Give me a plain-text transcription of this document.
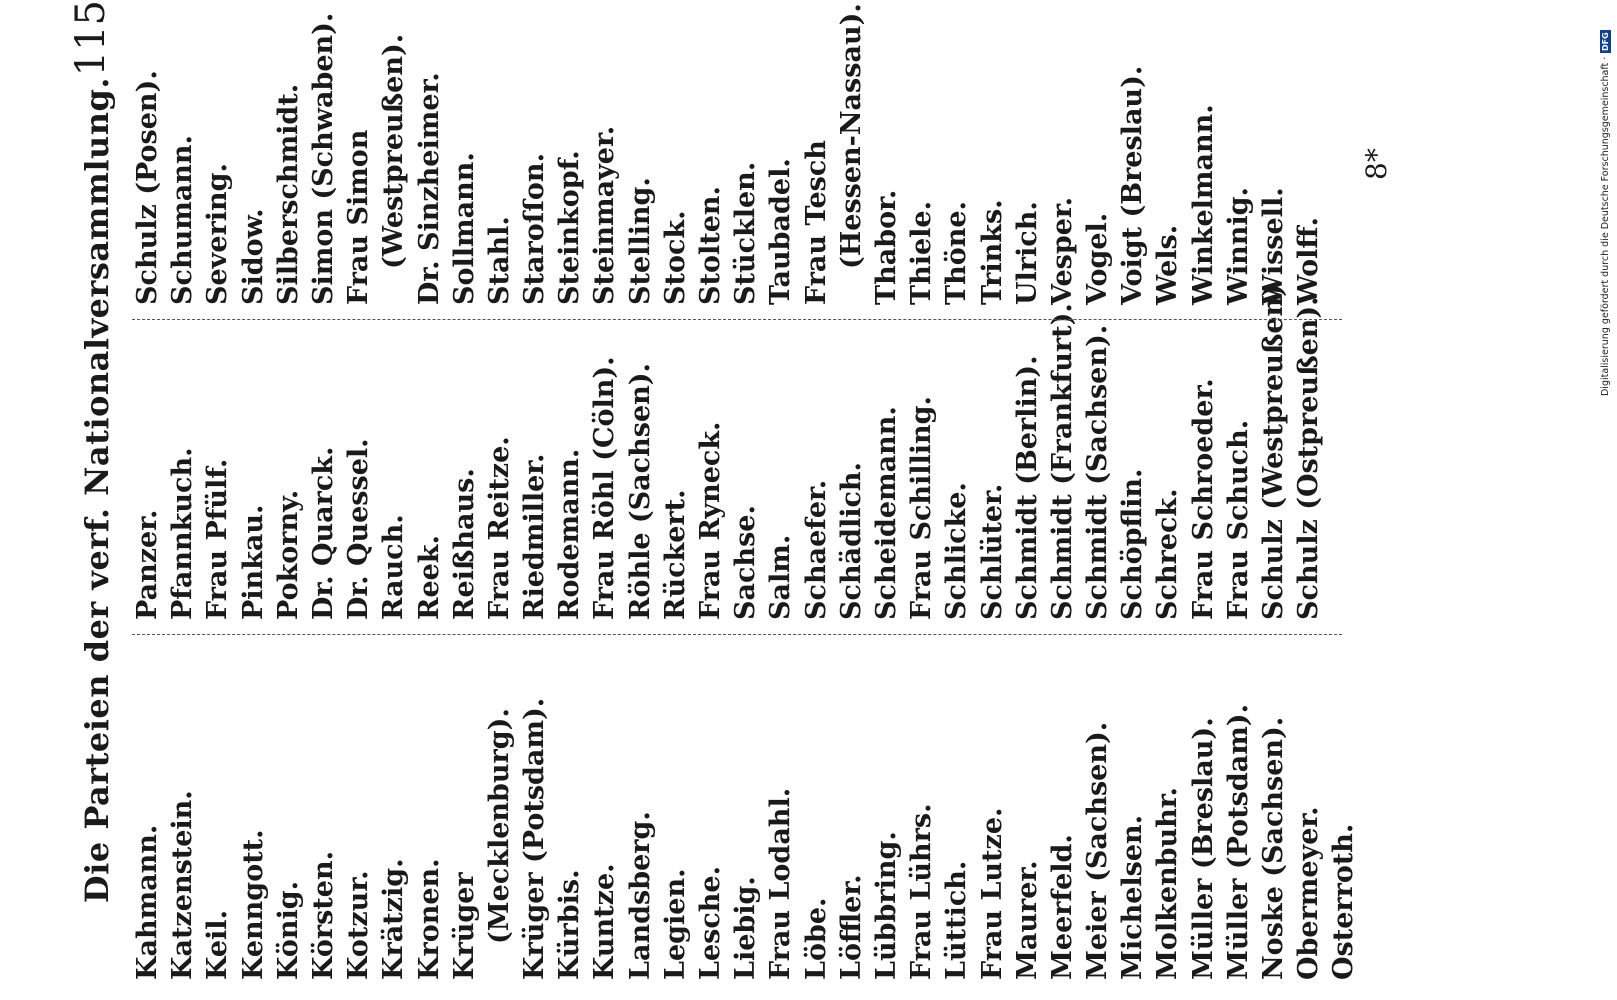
Die Parteien der verf. Nationalversammlung.
115
Kahmann. Katzenstein. Keil. Kenngott. König. Körsten. Kotzur. Krätzig. Kronen. Krüger (Mecklenburg). Krüger (Potsdam). Kürbis. Kuntze. Landsberg. Legien. Lesche. Liebig. Frau Lodahl. Löbe. Löffler. Lübbring. Frau Lührs. Lüttich. Frau Lutze. Maurer. Meerfeld. Meier (Sachsen). Michelsen. Molkenbuhr. Müller (Breslau). Müller (Potsdam). Noske (Sachsen). Obermeyer. Osterroth.
Panzer. Pfannkuch. Frau Pfülf. Pinkau. Pokorny. Dr. Quarck. Dr. Quessel. Rauch. Reek. Reißhaus. Frau Reitze. Riedmiller. Rodemann. Frau Röhl (Cöln). Röhle (Sachsen). Rückert. Frau Ryneck. Sachse. Salm. Schaefer. Schädlich. Scheidemann. Frau Schilling. Schlicke. Schlüter. Schmidt (Berlin). Schmidt (Frankfurt). Schmidt (Sachsen). Schöpflin. Schreck. Frau Schroeder. Frau Schuch. Schulz (Westpreußen) Schulz (Ostpreußen).
Schulz (Posen). Schumann. Severing. Sidow. Silberschmidt. Simon (Schwaben). Frau Simon (Westpreußen). Dr. Sinzheimer. Sollmann. Stahl. Staroſſon. Steinkopf. Steinmayer. Stelling. Stock. Stolten. Stücklen. Taubadel. Frau Tesch (Hessen-Nassau). Thabor. Thiele. Thöne. Trinks. Ulrich. Vesper. Vogel. Voigt (Breslau). Wels. Winkelmann. Winnig. Wissell. Wolff.
8*	Digitalisierung gefördert durch die Deutsche Forschungsgemeinschaft ·
DFG
